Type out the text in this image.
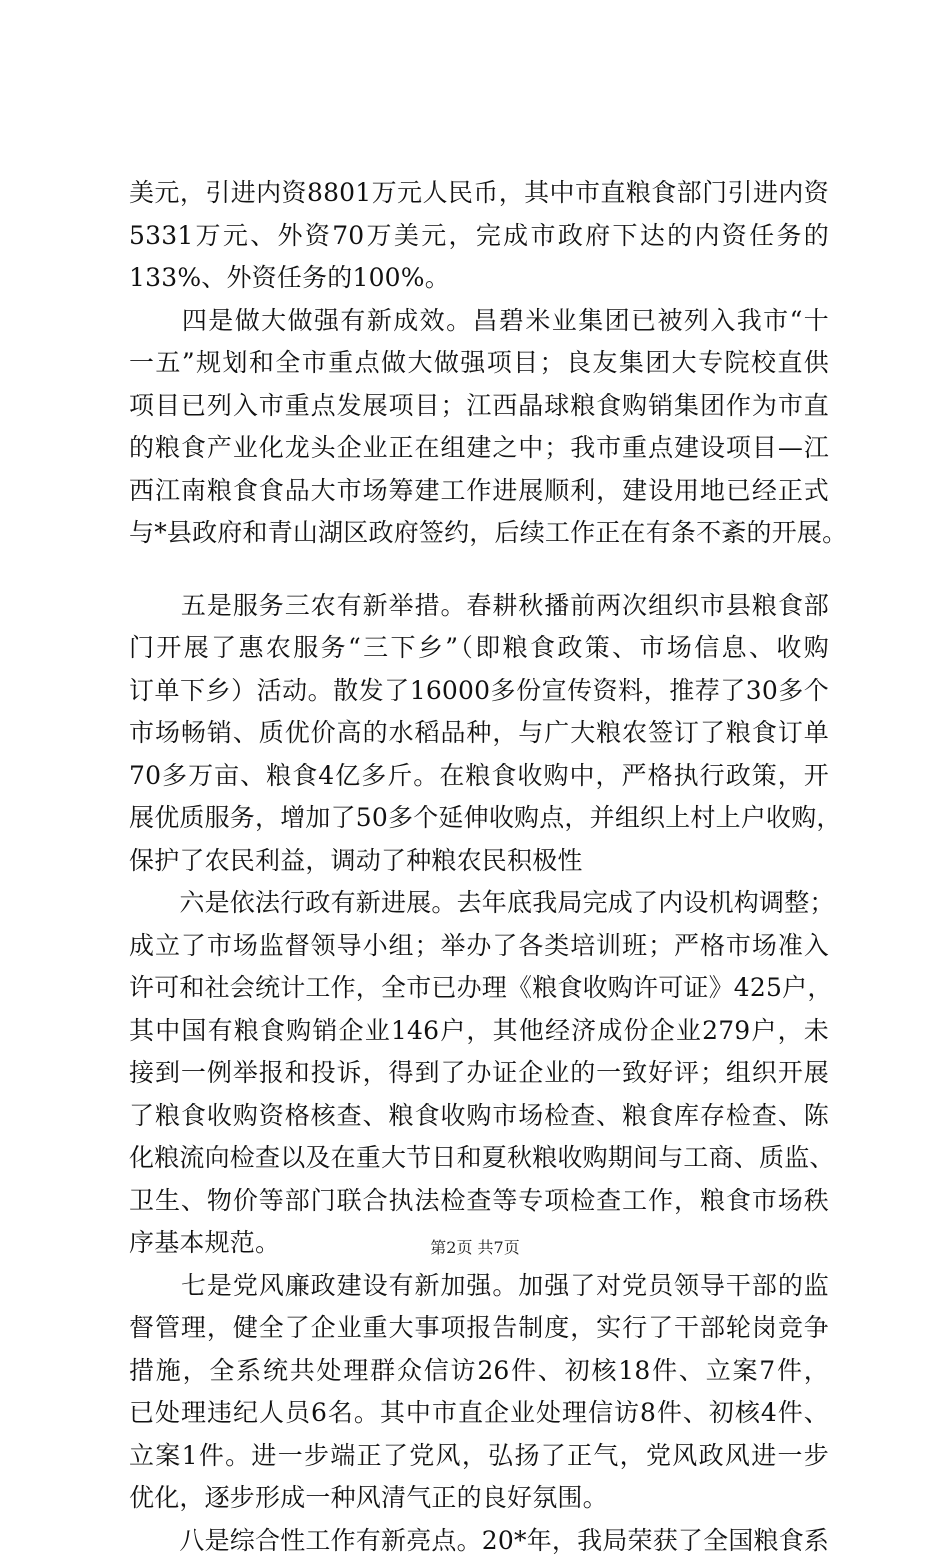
美元，引进内资8801万元人民币，其中市直粮食部门引进内资
5331万元、外资70万美元，完成市政府下达的内资任务的
133%、外资任务的100%。
　　四是做大做强有新成效。昌碧米业集团已被列入我市“十
一五”规划和全市重点做大做强项目；良友集团大专院校直供
项目已列入市重点发展项目；江西晶球粮食购销集团作为市直
的粮食产业化龙头企业正在组建之中；我市重点建设项目—江
西江南粮食食品大市场筹建工作进展顺利，建设用地已经正式
与*县政府和青山湖区政府签约，后续工作正在有条不紊的开展。
　　五是服务三农有新举措。春耕秋播前两次组织市县粮食部
门开展了惠农服务“三下乡”（即粮食政策、市场信息、收购
订单下乡）活动。散发了16000多份宣传资料，推荐了30多个
市场畅销、质优价高的水稻品种，与广大粮农签订了粮食订单
70多万亩、粮食4亿多斤。在粮食收购中，严格执行政策，开
展优质服务，增加了50多个延伸收购点，并组织上村上户收购，
保护了农民利益，调动了种粮农民积极性
　　六是依法行政有新进展。去年底我局完成了内设机构调整；
成立了市场监督领导小组；举办了各类培训班；严格市场准入
许可和社会统计工作，全市已办理《粮食收购许可证》425户，
其中国有粮食购销企业146户，其他经济成份企业279户，未
接到一例举报和投诉，得到了办证企业的一致好评；组织开展
了粮食收购资格核查、粮食收购市场检查、粮食库存检查、陈
化粮流向检查以及在重大节日和夏秋粮收购期间与工商、质监、
卫生、物价等部门联合执法检查等专项检查工作，粮食市场秩
序基本规范。
　　七是党风廉政建设有新加强。加强了对党员领导干部的监
督管理，健全了企业重大事项报告制度，实行了干部轮岗竞争
措施，全系统共处理群众信访26件、初核18件、立案7件，
已处理违纪人员6名。其中市直企业处理信访8件、初核4件、
立案1件。进一步端正了党风，弘扬了正气，党风政风进一步
优化，逐步形成一种风清气正的良好氛围。
　　八是综合性工作有新亮点。20*年，我局荣获了全国粮食系
第2页 共7页
